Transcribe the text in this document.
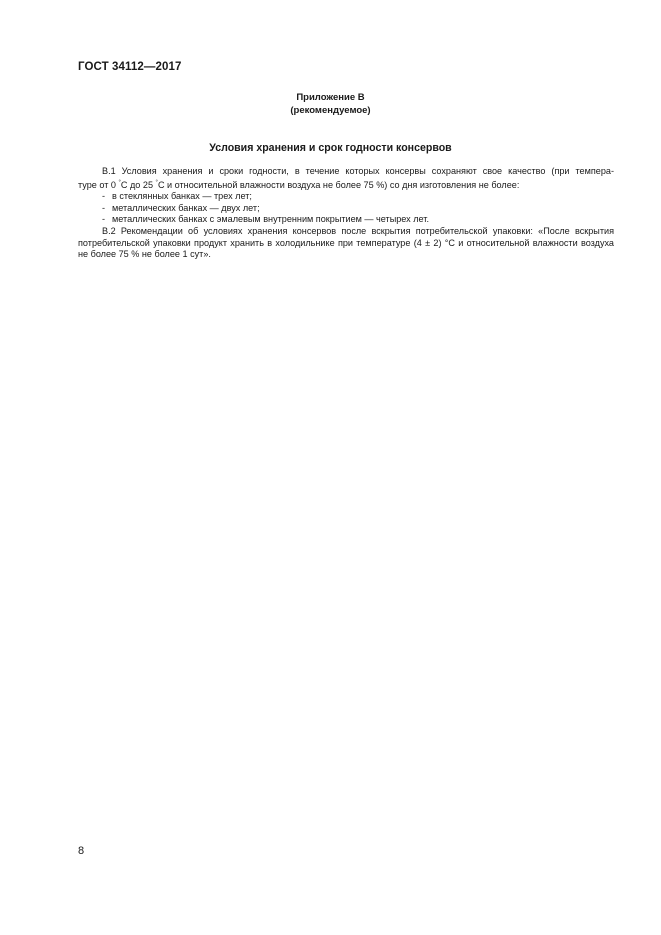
ГОСТ 34112—2017
Приложение В
(рекомендуемое)
Условия хранения и срок годности консервов

В.1 Условия хранения и сроки годности, в течение которых консервы сохраняют свое качество (при темпера-

туре от 0 °С до 25 °С и относительной влажности воздуха не более 75 %) со дня изготовления не более:

- в стеклянных банках — трех лет;

- металлических банках — двух лет;

- металлических банках с эмалевым внутренним покрытием — четырех лет.

В.2 Рекомендации об условиях хранения консервов после вскрытия потребительской упаковки: «После вскрытия потребительской упаковки продукт хранить в холодильнике при температуре (4 ± 2) °С и относительной влажности воздуха не более 75 % не более 1 сут».

8
